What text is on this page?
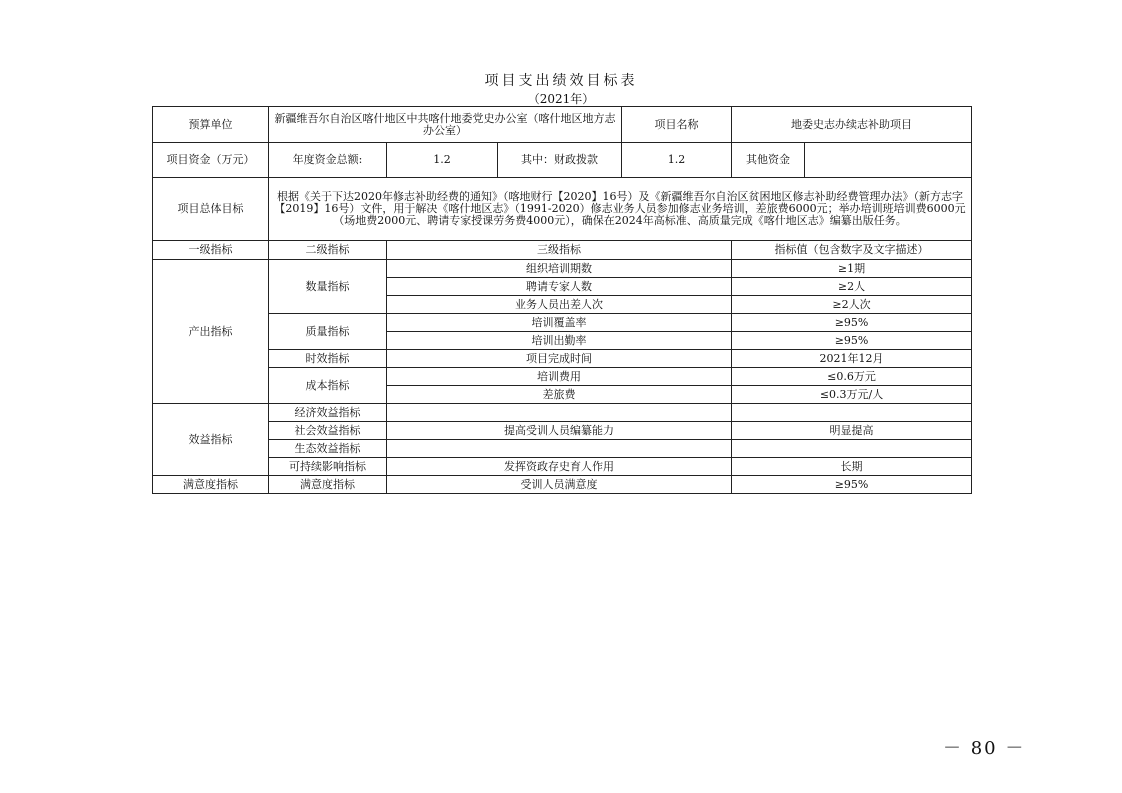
项目支出绩效目标表
（2021年）
预算单位	新疆维吾尔自治区喀什地区中共喀什地委党史办公室（喀什地区地方志办公室）			项目名称	地委史志办续志补助项目	
项目资金（万元）	年度资金总额:	1.2	其中：财政拨款	1.2	其他资金	
项目总体目标	根据《关于下达2020年修志补助经费的通知》（喀地财行【2020】16号）及《新疆维吾尔自治区贫困地区修志补助经费管理办法》（新方志字【2019】16号）文件，用于解决《喀什地区志》（1991-2020）修志业务人员参加修志业务培训，差旅费6000元；举办培训班培训费6000元（场地费2000元、聘请专家授课劳务费4000元），确保在2024年高标准、高质量完成《喀什地区志》编纂出版任务。					
一级指标	二级指标	三级指标			指标值（包含数字及文字描述）	
产出指标	数量指标	组织培训期数			≥1期	
		聘请专家人数			≥2人	
		业务人员出差人次			≥2人次	
	质量指标	培训覆盖率			≥95%	
		培训出勤率			≥95%	
	时效指标	项目完成时间			2021年12月	
	成本指标	培训费用			≤0.6万元	
		差旅费			≤0.3万元/人	
效益指标	经济效益指标					
	社会效益指标	提高受训人员编纂能力			明显提高	
	生态效益指标					
	可持续影响指标	发挥资政存史育人作用			长期	
满意度指标	满意度指标	受训人员满意度			≥95%	
－ 80 －
